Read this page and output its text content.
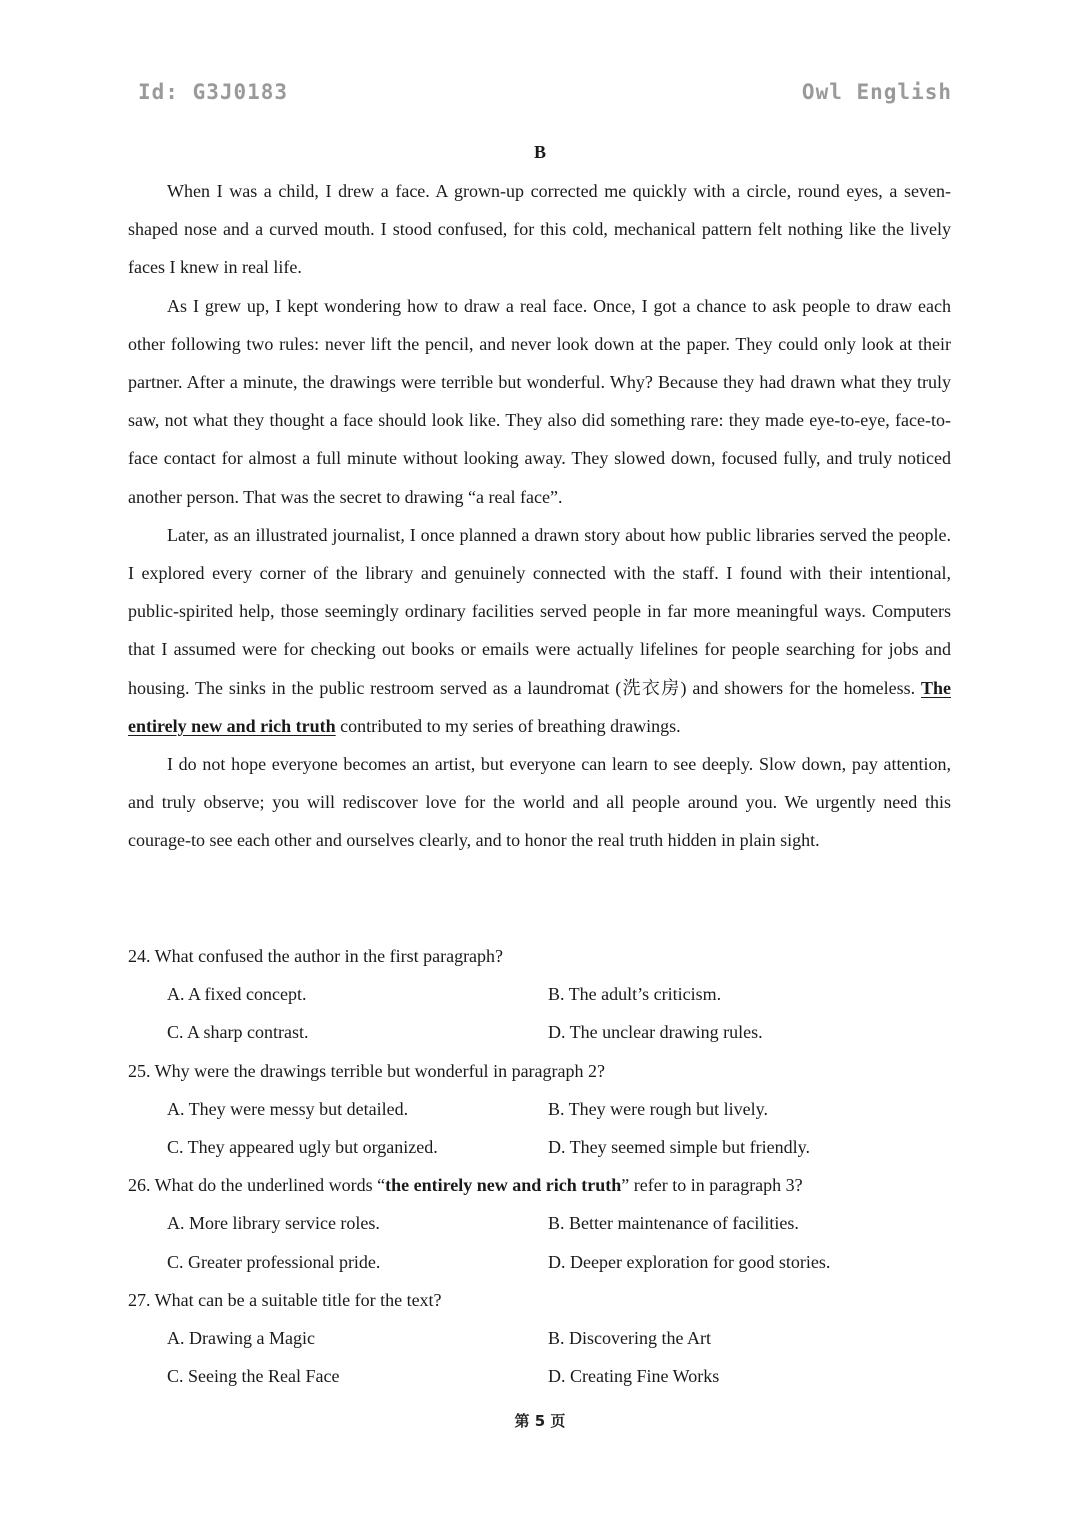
Id: G3J0183	Owl English
B

When I was a child, I drew a face. A grown-up corrected me quickly with a circle, round eyes, a seven-shaped nose and a curved mouth. I stood confused, for this cold, mechanical pattern felt nothing like the lively faces I knew in real life.

As I grew up, I kept wondering how to draw a real face. Once, I got a chance to ask people to draw each other following two rules: never lift the pencil, and never look down at the paper. They could only look at their partner. After a minute, the drawings were terrible but wonderful. Why? Because they had drawn what they truly saw, not what they thought a face should look like. They also did something rare: they made eye-to-eye, face-to-face contact for almost a full minute without looking away. They slowed down, focused fully, and truly noticed another person. That was the secret to drawing “a real face”.

Later, as an illustrated journalist, I once planned a drawn story about how public libraries served the people. I explored every corner of the library and genuinely connected with the staff. I found with their intentional, public-spirited help, those seemingly ordinary facilities served people in far more meaningful ways. Computers that I assumed were for checking out books or emails were actually lifelines for people searching for jobs and housing. The sinks in the public restroom served as a laundromat (洗衣房) and showers for the homeless. The entirely new and rich truth contributed to my series of breathing drawings.

I do not hope everyone becomes an artist, but everyone can learn to see deeply. Slow down, pay attention, and truly observe; you will rediscover love for the world and all people around you. We urgently need this courage-to see each other and ourselves clearly, and to honor the real truth hidden in plain sight.

24. What confused the author in the first paragraph?

A. A fixed concept.	B. The adult’s criticism.
C. A sharp contrast.	D. The unclear drawing rules.

25. Why were the drawings terrible but wonderful in paragraph 2?

A. They were messy but detailed.	B. They were rough but lively.
C. They appeared ugly but organized.	D. They seemed simple but friendly.

26. What do the underlined words “the entirely new and rich truth” refer to in paragraph 3?

A. More library service roles.	B. Better maintenance of facilities.
C. Greater professional pride.	D. Deeper exploration for good stories.

27. What can be a suitable title for the text?

A. Drawing a Magic	B. Discovering the Art
C. Seeing the Real Face	D. Creating Fine Works
第 5 页
